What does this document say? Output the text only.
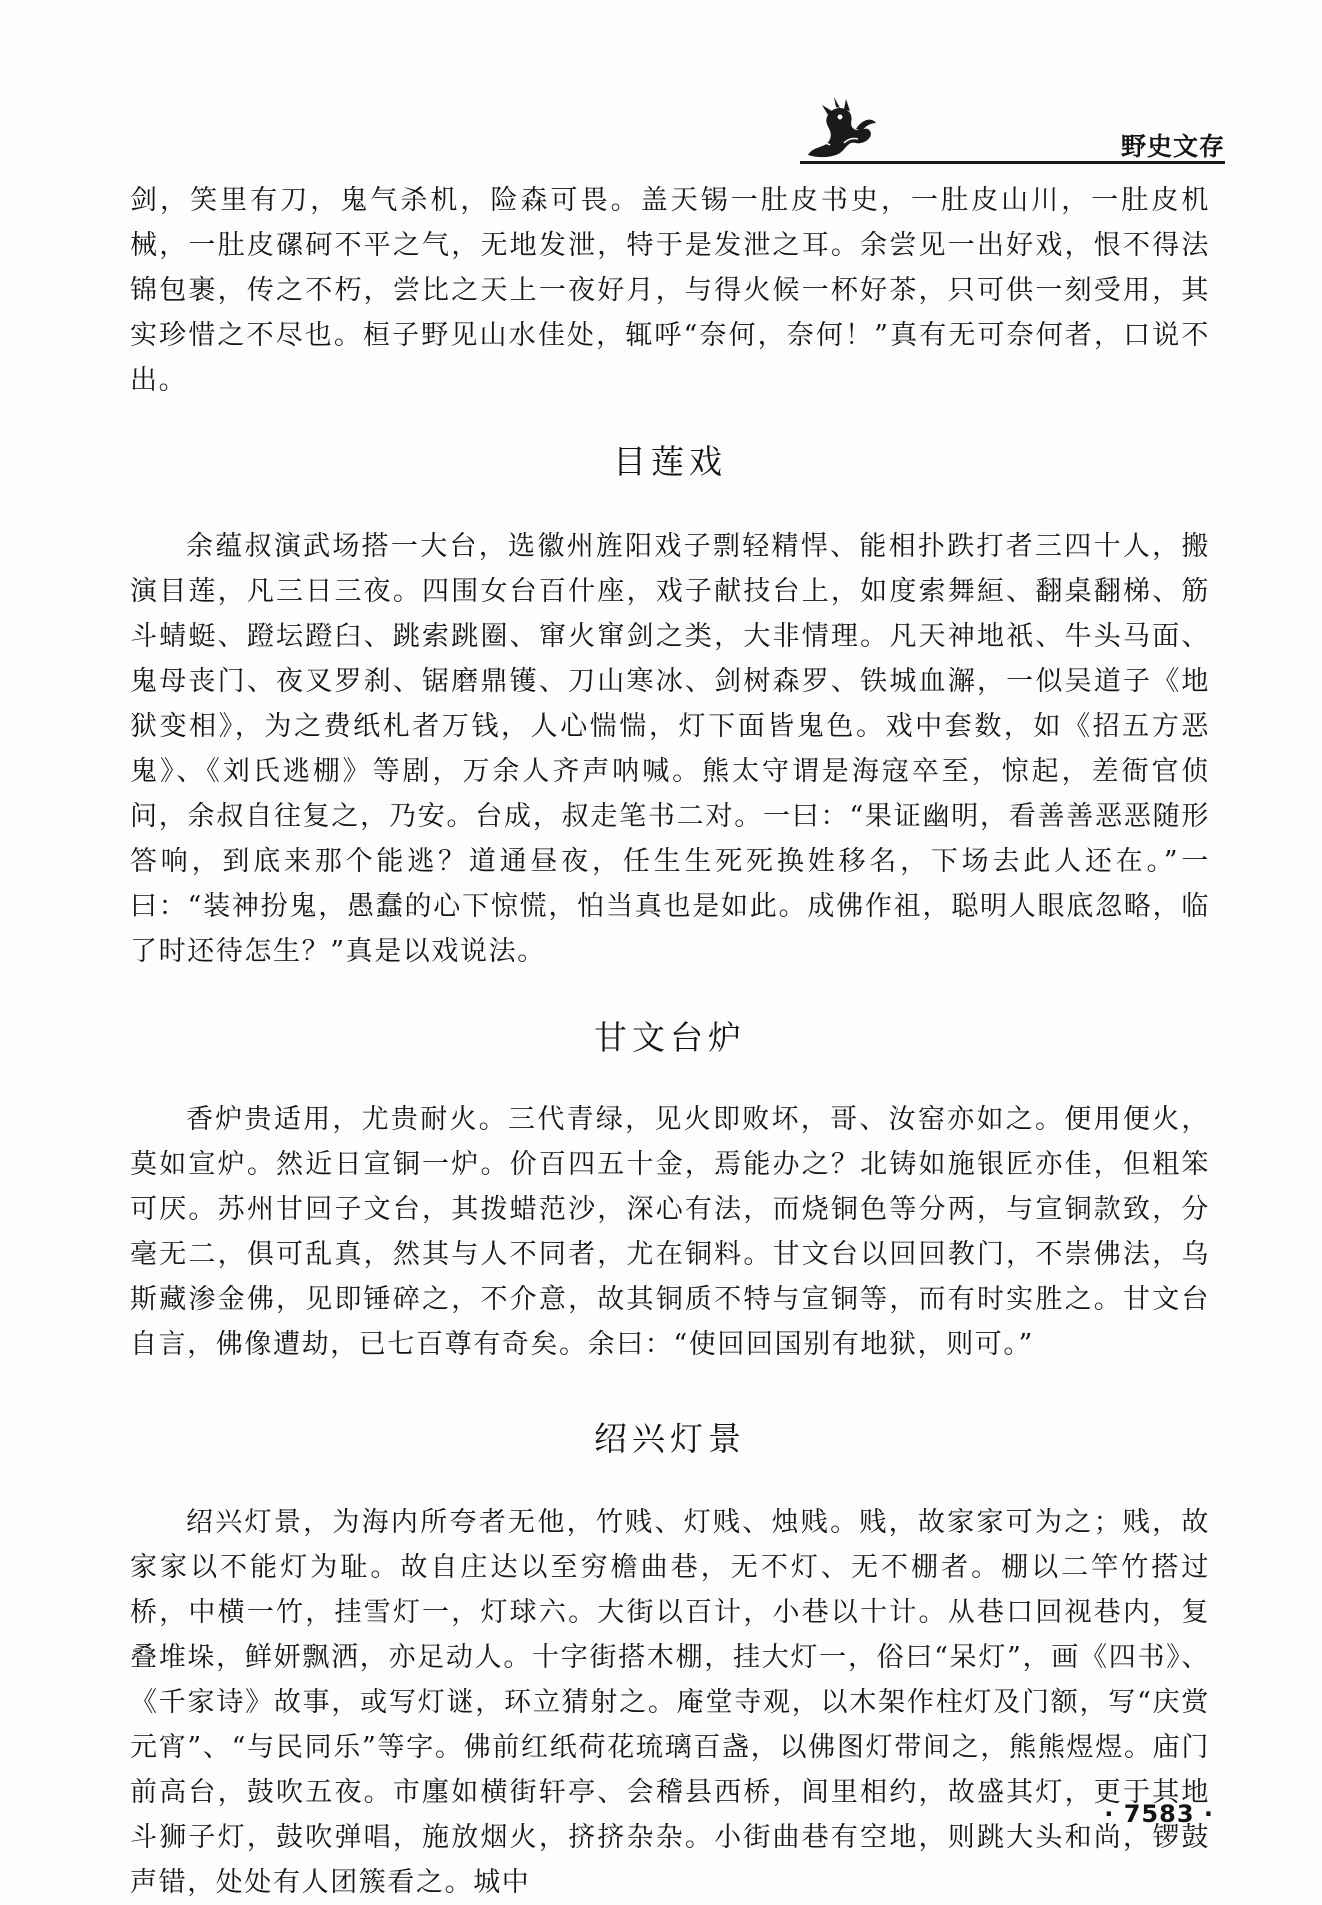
野史文存

剑，笑里有刀，鬼气杀机，险森可畏。盖天锡一肚皮书史，一肚皮山川，一肚皮机械，一肚皮磥砢不平之气，无地发泄，特于是发泄之耳。余尝见一出好戏，恨不得法锦包裹，传之不朽，尝比之天上一夜好月，与得火候一杯好茶，只可供一刻受用，其实珍惜之不尽也。桓子野见山水佳处，辄呼“奈何，奈何！”真有无可奈何者，口说不出。

目莲戏

余蕴叔演武场搭一大台，选徽州旌阳戏子剽轻精悍、能相扑跌打者三四十人，搬演目莲，凡三日三夜。四围女台百什座，戏子献技台上，如度索舞絙、翻桌翻梯、筋斗蜻蜓、蹬坛蹬臼、跳索跳圈、窜火窜剑之类，大非情理。凡天神地祇、牛头马面、鬼母丧门、夜叉罗刹、锯磨鼎镬、刀山寒冰、剑树森罗、铁城血澥，一似吴道子《地狱变相》，为之费纸札者万钱，人心惴惴，灯下面皆鬼色。戏中套数，如《招五方恶鬼》、《刘氏逃棚》等剧，万余人齐声呐喊。熊太守谓是海寇卒至，惊起，差衙官侦问，余叔自往复之，乃安。台成，叔走笔书二对。一曰：“果证幽明，看善善恶恶随形答响，到底来那个能逃？道通昼夜，任生生死死换姓移名，下场去此人还在。”一曰：“装神扮鬼，愚蠢的心下惊慌，怕当真也是如此。成佛作祖，聪明人眼底忽略，临了时还待怎生？”真是以戏说法。

甘文台炉

香炉贵适用，尤贵耐火。三代青绿，见火即败坏，哥、汝窑亦如之。便用便火，莫如宣炉。然近日宣铜一炉。价百四五十金，焉能办之？北铸如施银匠亦佳，但粗笨可厌。苏州甘回子文台，其拨蜡范沙，深心有法，而烧铜色等分两，与宣铜款致，分毫无二，俱可乱真，然其与人不同者，尤在铜料。甘文台以回回教门，不崇佛法，乌斯藏渗金佛，见即锤碎之，不介意，故其铜质不特与宣铜等，而有时实胜之。甘文台自言，佛像遭劫，已七百尊有奇矣。余曰：“使回回国别有地狱，则可。”

绍兴灯景

绍兴灯景，为海内所夸者无他，竹贱、灯贱、烛贱。贱，故家家可为之；贱，故家家以不能灯为耻。故自庄达以至穷檐曲巷，无不灯、无不棚者。棚以二竿竹搭过桥，中横一竹，挂雪灯一，灯球六。大街以百计，小巷以十计。从巷口回视巷内，复叠堆垛，鲜妍飘洒，亦足动人。十字街搭木棚，挂大灯一，俗曰“呆灯”，画《四书》、《千家诗》故事，或写灯谜，环立猜射之。庵堂寺观，以木架作柱灯及门额，写“庆赏元宵”、“与民同乐”等字。佛前红纸荷花琉璃百盏，以佛图灯带间之，熊熊煜煜。庙门前高台，鼓吹五夜。市廛如横街轩亭、会稽县西桥，闾里相约，故盛其灯，更于其地斗狮子灯，鼓吹弹唱，施放烟火，挤挤杂杂。小街曲巷有空地，则跳大头和尚，锣鼓声错，处处有人团簇看之。城中

· 7583 ·
